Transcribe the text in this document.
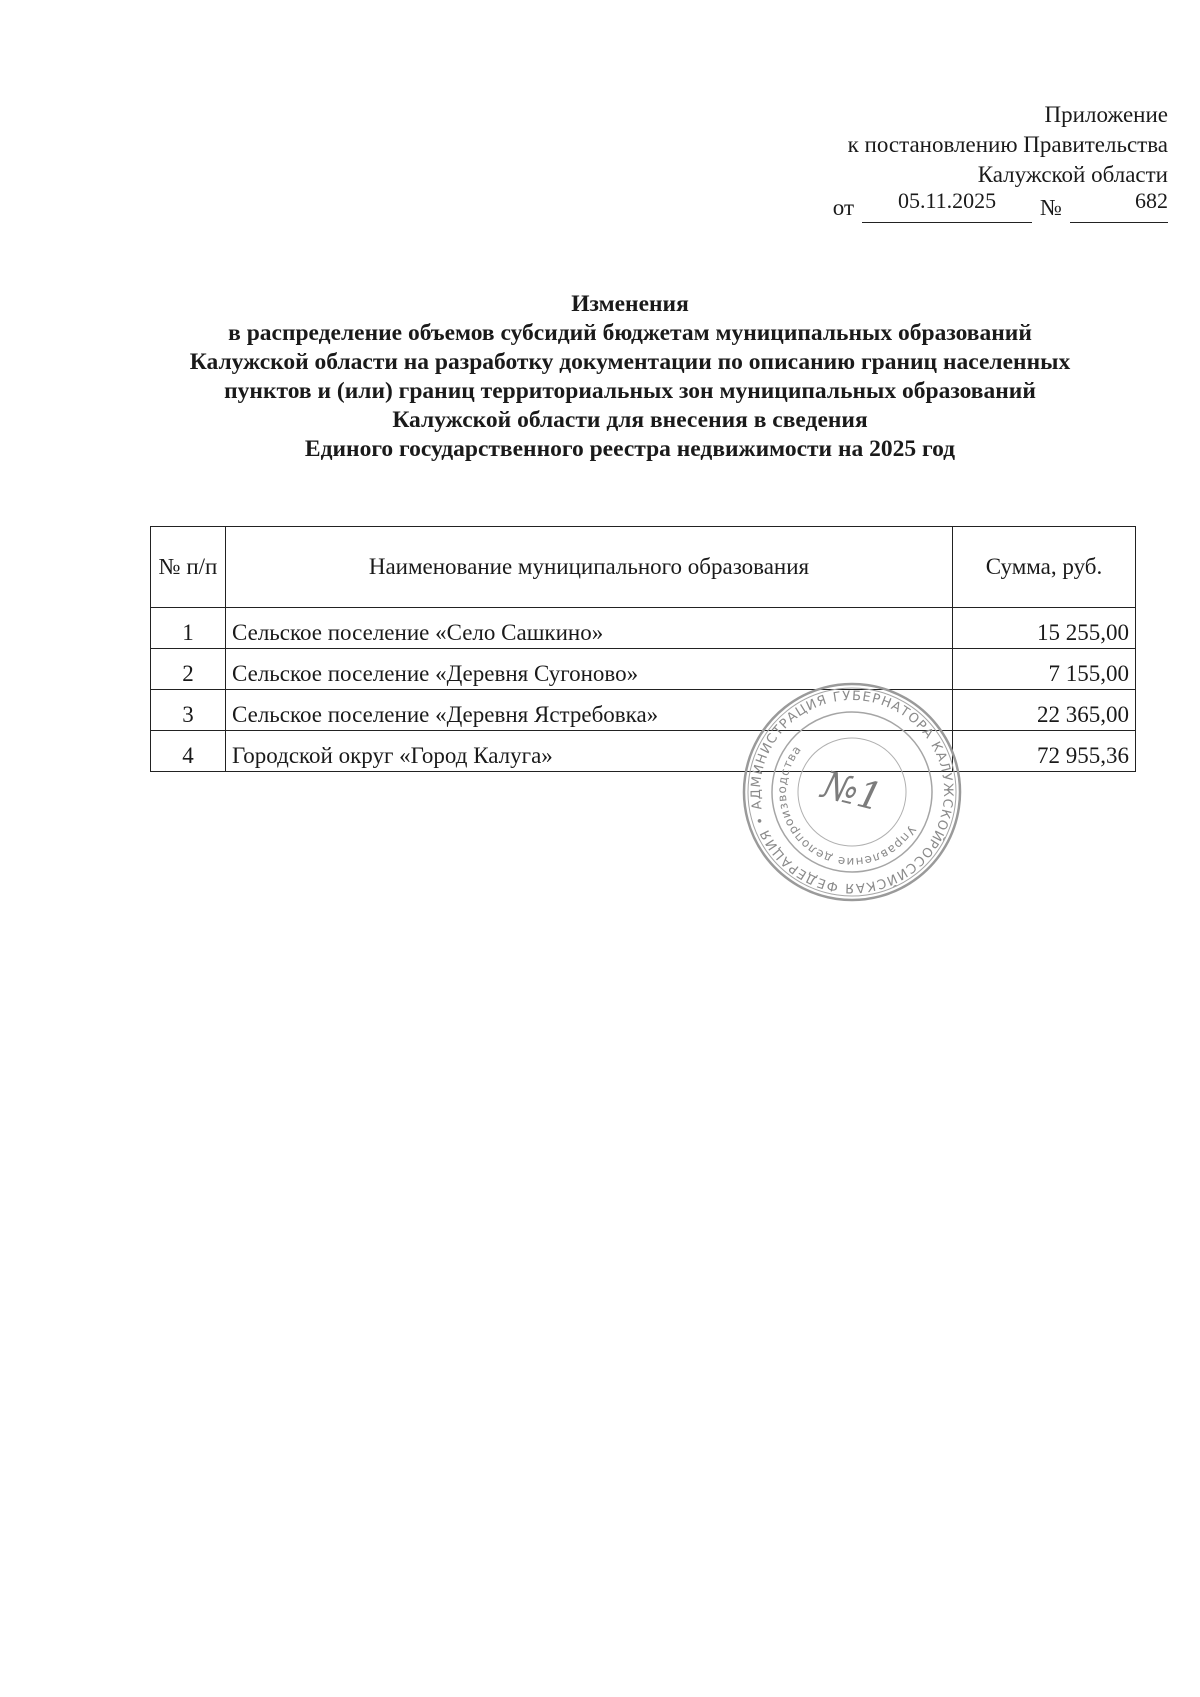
Приложение
к постановлению Правительства
Калужской области
от	05.11.2025	№	682
Изменения
в распределение объемов субсидий бюджетам муниципальных образований
Калужской области на разработку документации по описанию границ населенных
пунктов и (или) границ территориальных зон муниципальных образований
Калужской области для внесения в сведения
Единого государственного реестра недвижимости на 2025 год
№ п/п	Наименование муниципального образования	Сумма, руб.
1	Сельское поселение «Село Сашкино»	15 255,00
2	Сельское поселение «Деревня Сугоново»	7 155,00
3	Сельское поселение «Деревня Ястребовка»	22 365,00
4	Городской округ «Город Калуга»	72 955,36
РОССИЙСКАЯ ФЕДЕРАЦИЯ • АДМИНИСТРАЦИЯ ГУБЕРНАТОРА КАЛУЖСКОЙ
Управление делопроизводства
№1
